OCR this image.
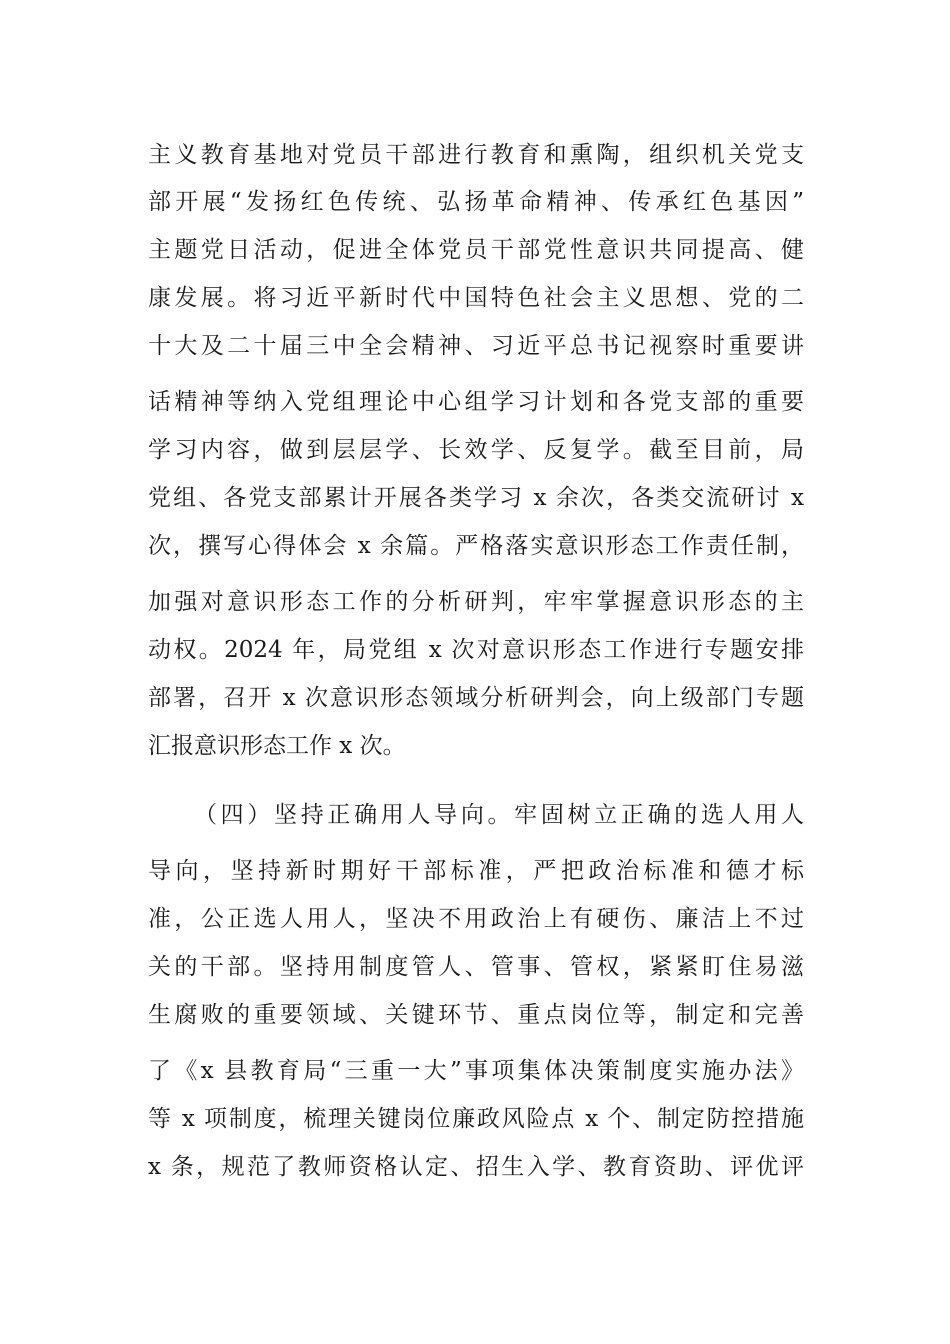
主义教育基地对党员干部进行教育和熏陶，组织机关党支
部开展“发扬红色传统、弘扬革命精神、传承红色基因”
主题党日活动，促进全体党员干部党性意识共同提高、健
康发展。将习近平新时代中国特色社会主义思想、党的二
十大及二十届三中全会精神、习近平总书记视察时重要讲
话精神等纳入党组理论中心组学习计划和各党支部的重要
学习内容，做到层层学、长效学、反复学。截至目前，局
党组、各党支部累计开展各类学习 x 余次，各类交流研讨 x
次，撰写心得体会 x 余篇。严格落实意识形态工作责任制，
加强对意识形态工作的分析研判，牢牢掌握意识形态的主
动权。2024 年，局党组 x 次对意识形态工作进行专题安排
部署，召开 x 次意识形态领域分析研判会，向上级部门专题
汇报意识形态工作 x 次。
（四）坚持正确用人导向。牢固树立正确的选人用人
导向，坚持新时期好干部标准，严把政治标准和德才标
准，公正选人用人，坚决不用政治上有硬伤、廉洁上不过
关的干部。坚持用制度管人、管事、管权，紧紧盯住易滋
生腐败的重要领域、关键环节、重点岗位等，制定和完善
了《x 县教育局“三重一大”事项集体决策制度实施办法》
等 x 项制度，梳理关键岗位廉政风险点 x 个、制定防控措施
x 条，规范了教师资格认定、招生入学、教育资助、评优评
